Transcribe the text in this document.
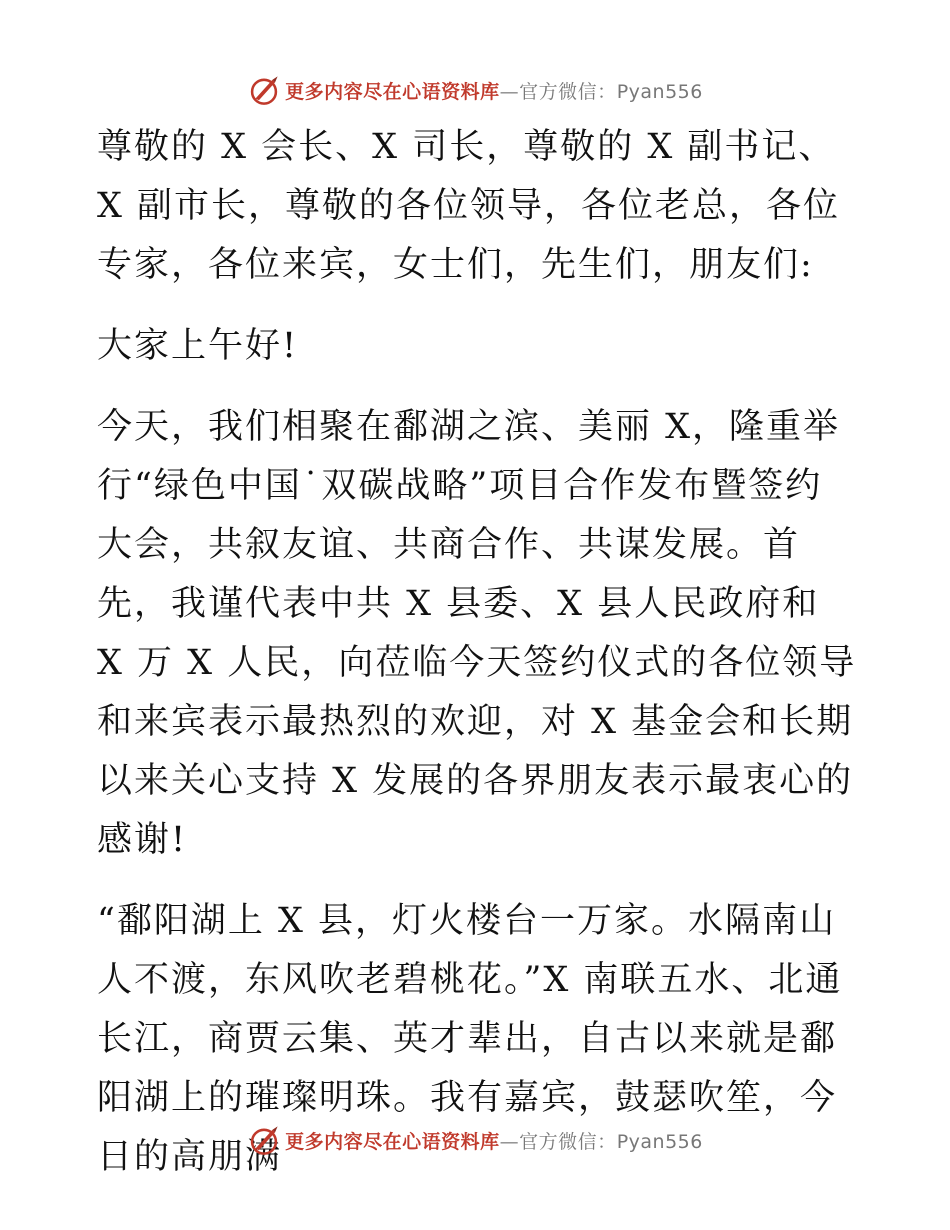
更多内容尽在心语资料库—官方微信：Pyan556

尊敬的 X 会长、X 司长，尊敬的 X 副书记、X 副市长，尊敬的各位领导，各位老总，各位专家，各位来宾，女士们，先生们，朋友们:

大家上午好!

今天，我们相聚在鄱湖之滨、美丽 X，隆重举行“绿色中国˙双碳战略”项目合作发布暨签约大会，共叙友谊、共商合作、共谋发展。首先，我谨代表中共 X 县委、X 县人民政府和 X 万 X 人民，向莅临今天签约仪式的各位领导和来宾表示最热烈的欢迎，对 X 基金会和长期以来关心支持 X 发展的各界朋友表示最衷心的感谢!

“鄱阳湖上 X 县，灯火楼台一万家。水隔南山人不渡，东风吹老碧桃花。”X 南联五水、北通长江，商贾云集、英才辈出，自古以来就是鄱阳湖上的璀璨明珠。我有嘉宾，鼓瑟吹笙，今日的高朋满 更多内容尽在心语资料库—官方微信：Pyan556
